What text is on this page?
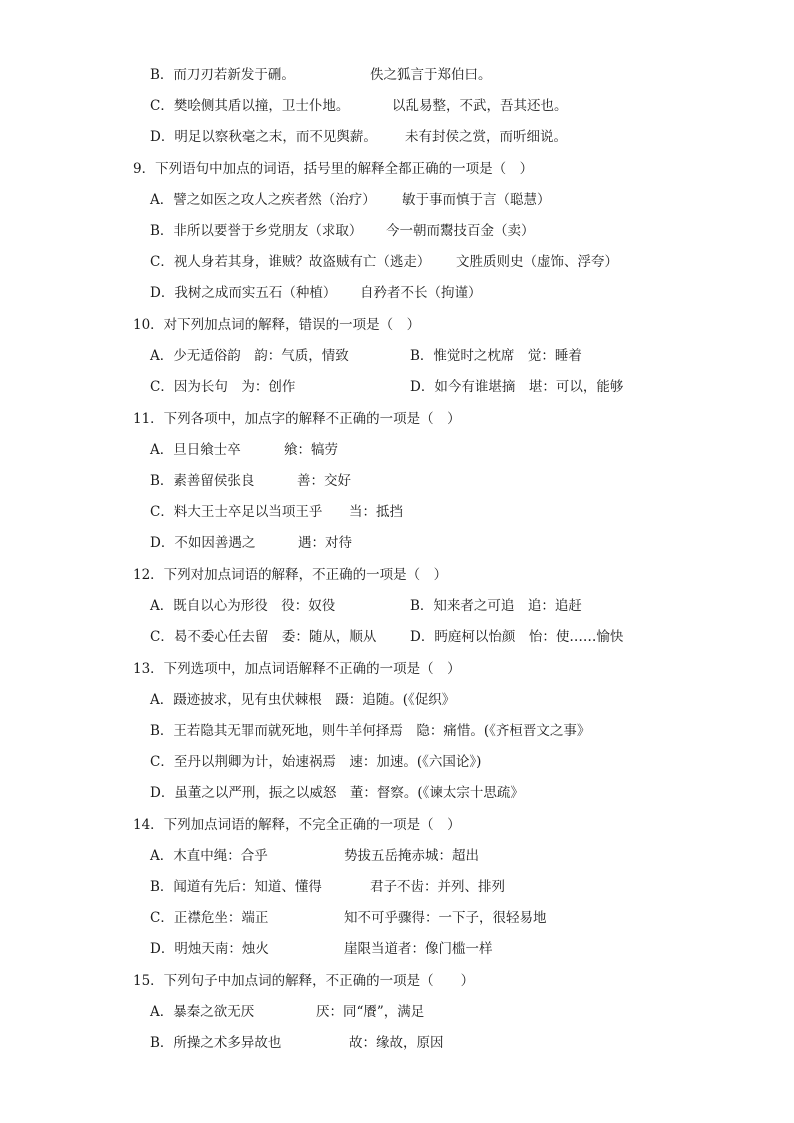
B．而刀刃若新发于硎。	佚之狐言于郑伯曰。
C．樊哙侧其盾以撞，卫士仆地。	以乱易整，不武，吾其还也。
D．明足以察秋毫之末，而不见舆薪。 未有封侯之赏，而听细说。
9．下列语句中加点的词语，括号里的解释全都正确的一项是（　）
A．譬之如医之攻人之疾者然（治疗） 敏于事而慎于言（聪慧）
B．非所以要誉于乡党朋友（求取） 今一朝而鬻技百金（卖）
C．视人身若其身，谁贼？故盗贼有亡（逃走） 文胜质则史（虚饰、浮夸）
D．我树之成而实五石（种植） 自矜者不长（拘谨）
10．对下列加点词的解释，错误的一项是（　）
A．少无适俗韵　韵：气质，情致	B．惟觉时之枕席　觉：睡着
C．因为长句　为：创作	D．如今有谁堪摘　堪：可以，能够
11．下列各项中，加点字的解释不正确的一项是（　）
A．旦日飨士卒	飨：犒劳
B．素善留侯张良	善：交好
C．料大王士卒足以当项王乎 当：抵挡
D．不如因善遇之	遇：对待
12．下列对加点词语的解释，不正确的一项是（　）
A．既自以心为形役　役：奴役	B．知来者之可追　追：追赶
C．曷不委心任去留　委：随从，顺从 D．眄庭柯以怡颜　怡：使……愉快
13．下列选项中，加点词语解释不正确的一项是（　）
A．蹑迹披求，见有虫伏棘根　蹑：追随。(《促织》
B．王若隐其无罪而就死地，则牛羊何择焉　隐：痛惜。(《齐桓晋文之事》
C．至丹以荆卿为计，始速祸焉　速：加速。(《六国论》)
D．虽董之以严刑，振之以威怒　董：督察。(《谏太宗十思疏》
14．下列加点词语的解释，不完全正确的一项是（　）
A．木直中绳：合乎	势拔五岳掩赤城：超出
B．闻道有先后：知道、懂得	君子不齿：并列、排列
C．正襟危坐：端正	知不可乎骤得：一下子，很轻易地
D．明烛天南：烛火	崖限当道者：像门槛一样
15．下列句子中加点词的解释，不正确的一项是（　　）
A．暴秦之欲无厌	厌：同“餍”，满足
B．所操之术多异故也	故：缘故，原因
